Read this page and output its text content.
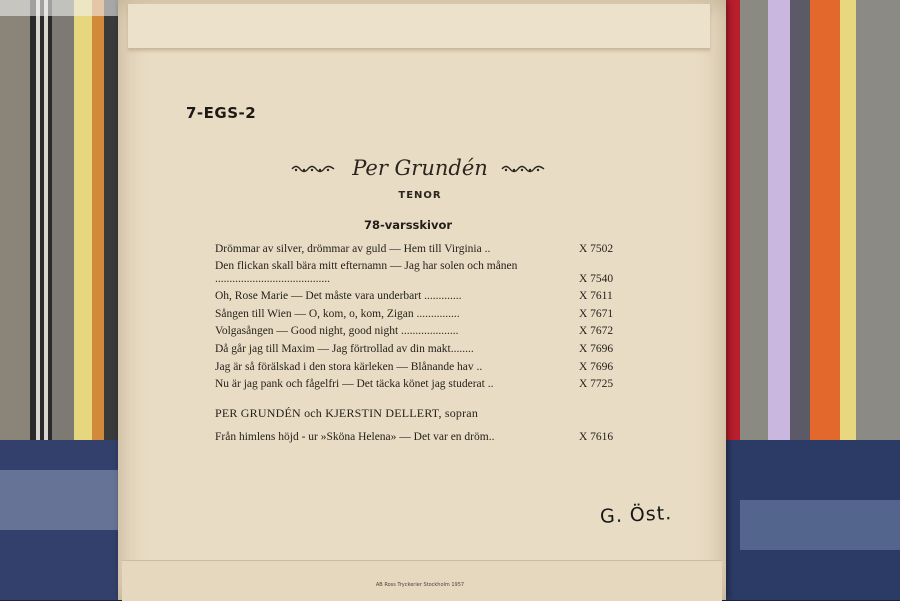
7-EGS-2
Per Grundén
TENOR
78-varsskivor
Drömmar av silver, drömmar av guld — Hem till Virginia ..	X 7502
Den flickan skall bära mitt efternamn — Jag har solen och månen ........................................	X 7540
Oh, Rose Marie — Det måste vara underbart .............	X 7611
Sången till Wien — O, kom, o, kom, Zigan ...............	X 7671
Volgasången — Good night, good night ....................	X 7672
Då går jag till Maxim — Jag förtrollad av din makt........	X 7696
Jag är så förälskad i den stora kärleken — Blånande hav ..	X 7696
Nu är jag pank och fågelfri — Det täcka könet jag studerat ..	X 7725
PER GRUNDÉN och KJERSTIN DELLERT, sopran
Från himlens höjd - ur »Sköna Helena» — Det var en dröm..	X 7616
G. Öst.
AB Ross Tryckerier Stockholm 1957
